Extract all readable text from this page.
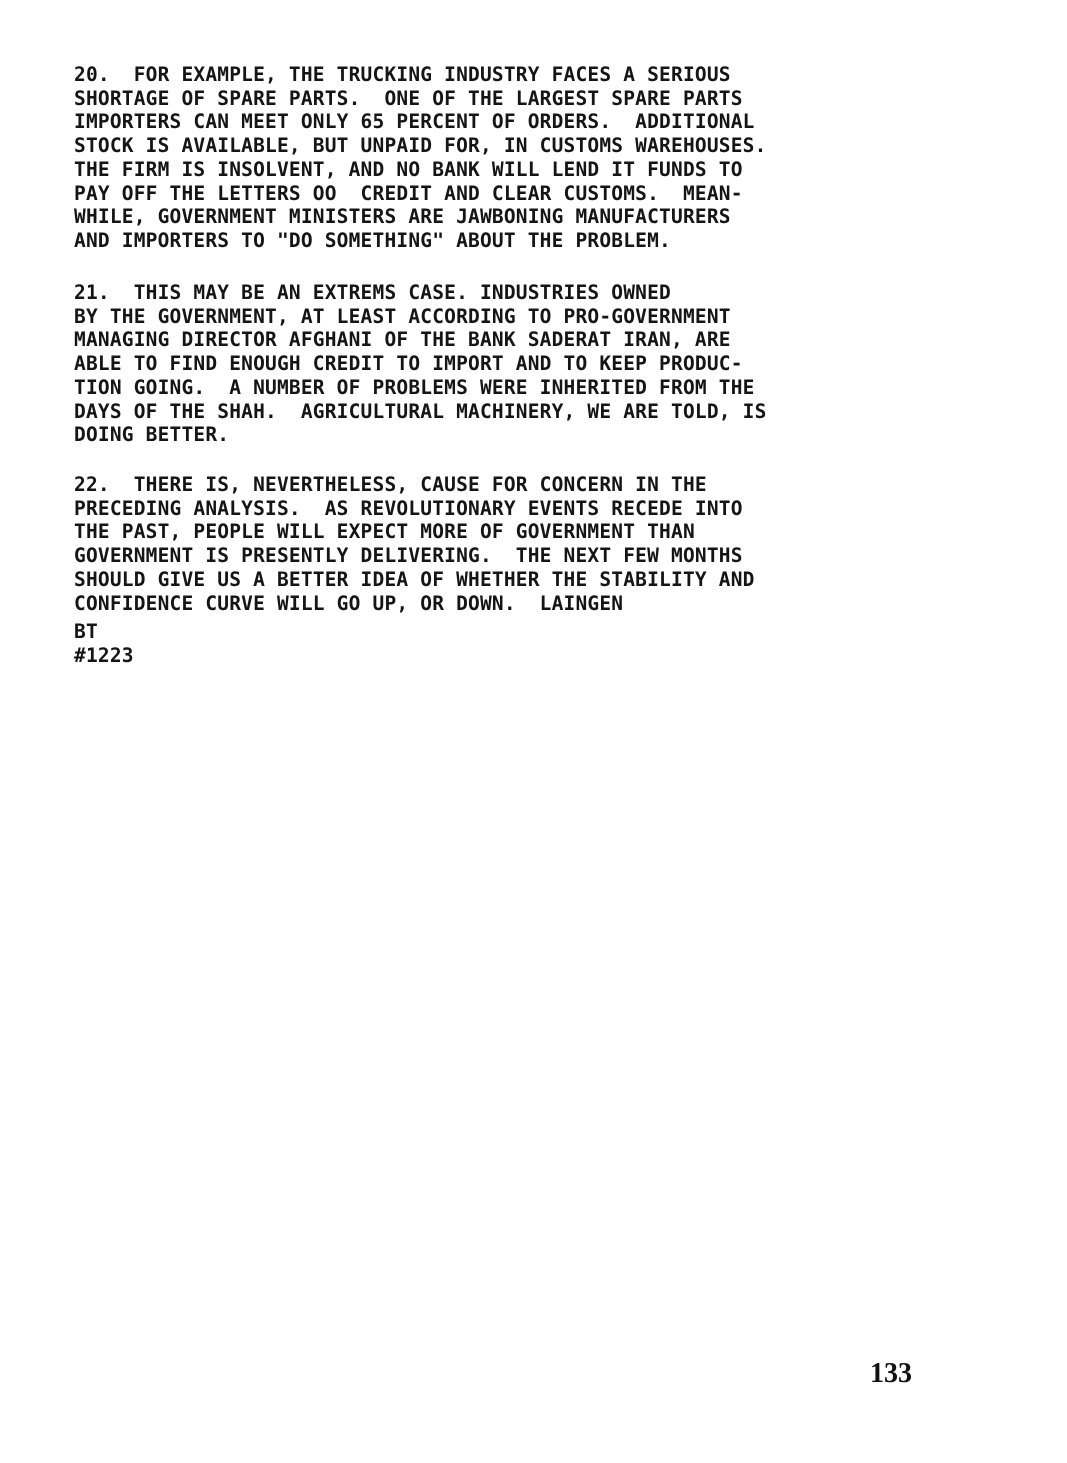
20.  FOR EXAMPLE, THE TRUCKING INDUSTRY FACES A SERIOUS
SHORTAGE OF SPARE PARTS.  ONE OF THE LARGEST SPARE PARTS
IMPORTERS CAN MEET ONLY 65 PERCENT OF ORDERS.  ADDITIONAL
STOCK IS AVAILABLE, BUT UNPAID FOR, IN CUSTOMS WAREHOUSES.
THE FIRM IS INSOLVENT, AND NO BANK WILL LEND IT FUNDS TO
PAY OFF THE LETTERS OO  CREDIT AND CLEAR CUSTOMS.  MEAN-
WHILE, GOVERNMENT MINISTERS ARE JAWBONING MANUFACTURERS
AND IMPORTERS TO "DO SOMETHING" ABOUT THE PROBLEM.
21.  THIS MAY BE AN EXTREMS CASE. INDUSTRIES OWNED
BY THE GOVERNMENT, AT LEAST ACCORDING TO PRO-GOVERNMENT
MANAGING DIRECTOR AFGHANI OF THE BANK SADERAT IRAN, ARE
ABLE TO FIND ENOUGH CREDIT TO IMPORT AND TO KEEP PRODUC-
TION GOING.  A NUMBER OF PROBLEMS WERE INHERITED FROM THE
DAYS OF THE SHAH.  AGRICULTURAL MACHINERY, WE ARE TOLD, IS
DOING BETTER.
22.  THERE IS, NEVERTHELESS, CAUSE FOR CONCERN IN THE
PRECEDING ANALYSIS.  AS REVOLUTIONARY EVENTS RECEDE INTO
THE PAST, PEOPLE WILL EXPECT MORE OF GOVERNMENT THAN
GOVERNMENT IS PRESENTLY DELIVERING.  THE NEXT FEW MONTHS
SHOULD GIVE US A BETTER IDEA OF WHETHER THE STABILITY AND
CONFIDENCE CURVE WILL GO UP, OR DOWN.  LAINGEN
BT
#1223
133
